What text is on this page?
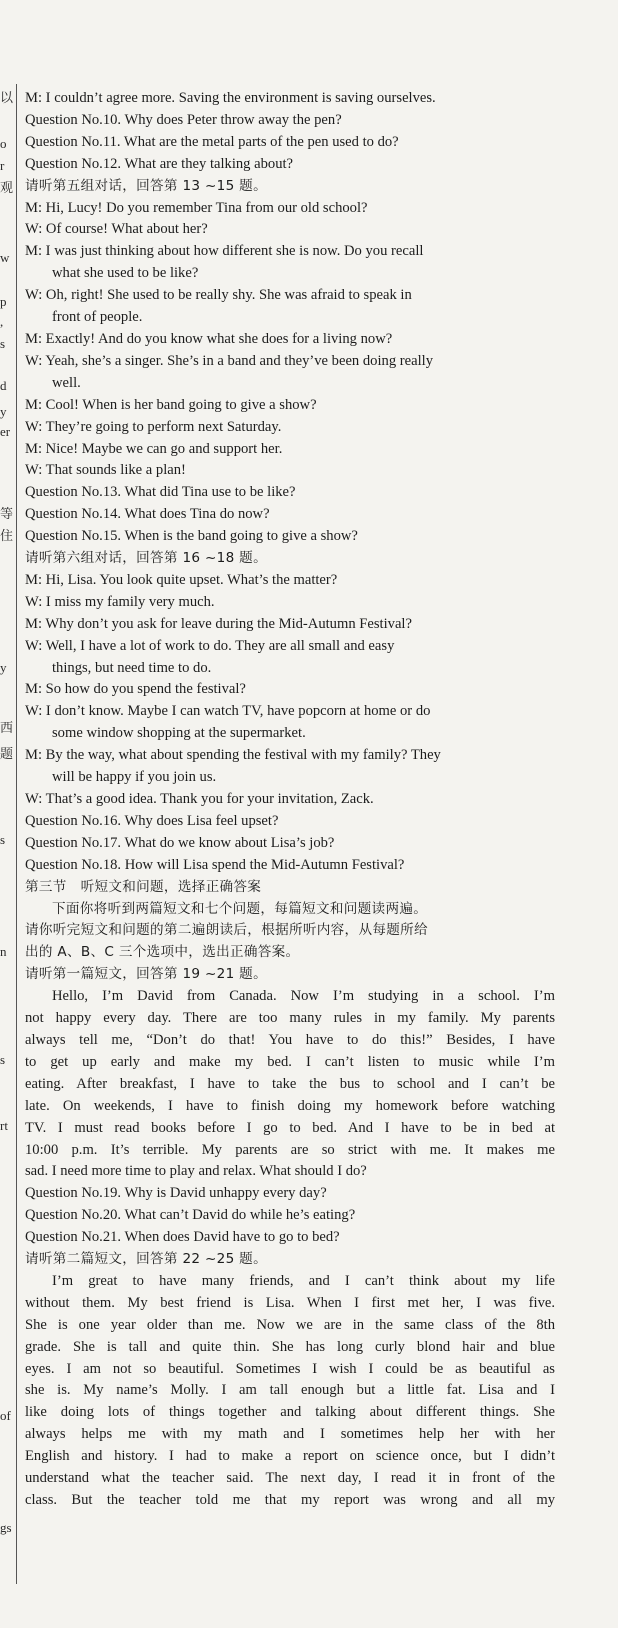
以
o
r
观
w
p
,
s
d
y
er
等
住
y
西
题
s
n
s
rt
of
gs
M: I couldn’t agree more. Saving the environment is saving ourselves.
Question No.10. Why does Peter throw away the pen?
Question No.11. What are the metal parts of the pen used to do?
Question No.12. What are they talking about?
请听第五组对话，回答第 13 ~15 题。
M: Hi, Lucy! Do you remember Tina from our old school?
W: Of course! What about her?
M: I was just thinking about how different she is now. Do you recall
what she used to be like?
W: Oh, right! She used to be really shy. She was afraid to speak in
front of people.
M: Exactly! And do you know what she does for a living now?
W: Yeah, she’s a singer. She’s in a band and they’ve been doing really
well.
M: Cool! When is her band going to give a show?
W: They’re going to perform next Saturday.
M: Nice! Maybe we can go and support her.
W: That sounds like a plan!
Question No.13. What did Tina use to be like?
Question No.14. What does Tina do now?
Question No.15. When is the band going to give a show?
请听第六组对话，回答第 16 ~18 题。
M: Hi, Lisa. You look quite upset. What’s the matter?
W: I miss my family very much.
M: Why don’t you ask for leave during the Mid-Autumn Festival?
W: Well, I have a lot of work to do. They are all small and easy
things, but need time to do.
M: So how do you spend the festival?
W: I don’t know. Maybe I can watch TV, have popcorn at home or do
some window shopping at the supermarket.
M: By the way, what about spending the festival with my family? They
will be happy if you join us.
W: That’s a good idea. Thank you for your invitation, Zack.
Question No.16. Why does Lisa feel upset?
Question No.17. What do we know about Lisa’s job?
Question No.18. How will Lisa spend the Mid-Autumn Festival?
第三节　听短文和问题，选择正确答案
下面你将听到两篇短文和七个问题，每篇短文和问题读两遍。
请你听完短文和问题的第二遍朗读后，根据所听内容，从每题所给
出的 A、B、C 三个选项中，选出正确答案。
请听第一篇短文，回答第 19 ~21 题。
Hello, I’m David from Canada. Now I’m studying in a school. I’m
not happy every day. There are too many rules in my family. My parents
always tell me, “Don’t do that! You have to do this!” Besides, I have
to get up early and make my bed. I can’t listen to music while I’m
eating. After breakfast, I have to take the bus to school and I can’t be
late. On weekends, I have to finish doing my homework before watching
TV. I must read books before I go to bed. And I have to be in bed at
10:00 p.m. It’s terrible. My parents are so strict with me. It makes me
sad. I need more time to play and relax. What should I do?
Question No.19. Why is David unhappy every day?
Question No.20. What can’t David do while he’s eating?
Question No.21. When does David have to go to bed?
请听第二篇短文，回答第 22 ~25 题。
I’m great to have many friends, and I can’t think about my life
without them. My best friend is Lisa. When I first met her, I was five.
She is one year older than me. Now we are in the same class of the 8th
grade. She is tall and quite thin. She has long curly blond hair and blue
eyes. I am not so beautiful. Sometimes I wish I could be as beautiful as
she is. My name’s Molly. I am tall enough but a little fat. Lisa and I
like doing lots of things together and talking about different things. She
always helps me with my math and I sometimes help her with her
English and history. I had to make a report on science once, but I didn’t
understand what the teacher said. The next day, I read it in front of the
class. But the teacher told me that my report was wrong and all my
